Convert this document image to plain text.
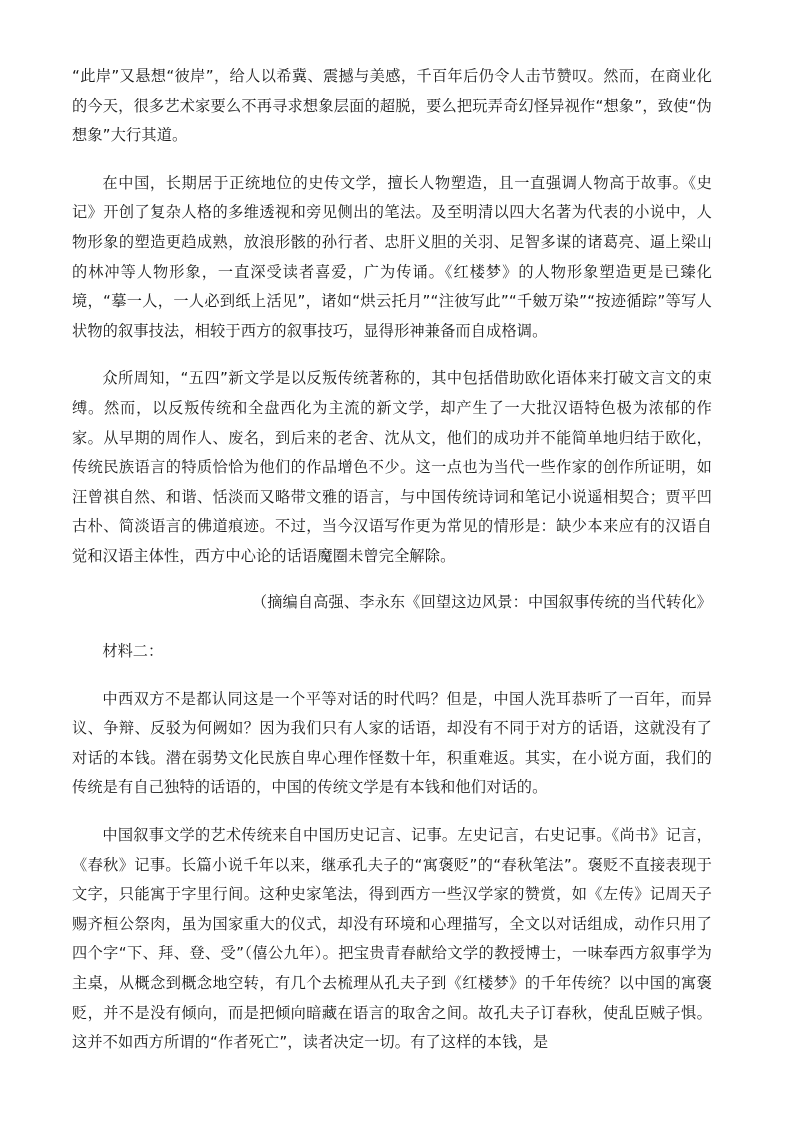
“此岸”又悬想“彼岸”，给人以希冀、震撼与美感，千百年后仍令人击节赞叹。然而，在商业化的今天，很多艺术家要么不再寻求想象层面的超脱，要么把玩弄奇幻怪异视作“想象”，致使“伪想象”大行其道。

在中国，长期居于正统地位的史传文学，擅长人物塑造，且一直强调人物高于故事。《史记》开创了复杂人格的多维透视和旁见侧出的笔法。及至明清以四大名著为代表的小说中，人物形象的塑造更趋成熟，放浪形骸的孙行者、忠肝义胆的关羽、足智多谋的诸葛亮、逼上梁山的林冲等人物形象，一直深受读者喜爱，广为传诵。《红楼梦》的人物形象塑造更是已臻化境，“摹一人，一人必到纸上活见”，诸如“烘云托月”“注彼写此”“千皴万染”“按迹循踪”等写人状物的叙事技法，相较于西方的叙事技巧，显得形神兼备而自成格调。

众所周知，“五四”新文学是以反叛传统著称的，其中包括借助欧化语体来打破文言文的束缚。然而，以反叛传统和全盘西化为主流的新文学，却产生了一大批汉语特色极为浓郁的作家。从早期的周作人、废名，到后来的老舍、沈从文，他们的成功并不能简单地归结于欧化，传统民族语言的特质恰恰为他们的作品增色不少。这一点也为当代一些作家的创作所证明，如汪曾祺自然、和谐、恬淡而又略带文雅的语言，与中国传统诗词和笔记小说遥相契合；贾平凹古朴、简淡语言的佛道痕迹。不过，当今汉语写作更为常见的情形是：缺少本来应有的汉语自觉和汉语主体性，西方中心论的话语魔圈未曾完全解除。

（摘编自高强、李永东《回望这边风景：中国叙事传统的当代转化》

材料二：

中西双方不是都认同这是一个平等对话的时代吗？但是，中国人洗耳恭听了一百年，而异议、争辩、反驳为何阙如？因为我们只有人家的话语，却没有不同于对方的话语，这就没有了对话的本钱。潜在弱势文化民族自卑心理作怪数十年，积重难返。其实，在小说方面，我们的传统是有自己独特的话语的，中国的传统文学是有本钱和他们对话的。

中国叙事文学的艺术传统来自中国历史记言、记事。左史记言，右史记事。《尚书》记言，《春秋》记事。长篇小说千年以来，继承孔夫子的“寓褒贬”的“春秋笔法”。褒贬不直接表现于文字，只能寓于字里行间。这种史家笔法，得到西方一些汉学家的赞赏，如《左传》记周天子赐齐桓公祭肉，虽为国家重大的仪式，却没有环境和心理描写，全文以对话组成，动作只用了四个字“下、拜、登、受”（僖公九年）。把宝贵青春献给文学的教授博士，一味奉西方叙事学为主桌，从概念到概念地空转，有几个去梳理从孔夫子到《红楼梦》的千年传统？以中国的寓褒贬，并不是没有倾向，而是把倾向暗藏在语言的取舍之间。故孔夫子订春秋，使乱臣贼子惧。这并不如西方所谓的“作者死亡”，读者决定一切。有了这样的本钱，是
